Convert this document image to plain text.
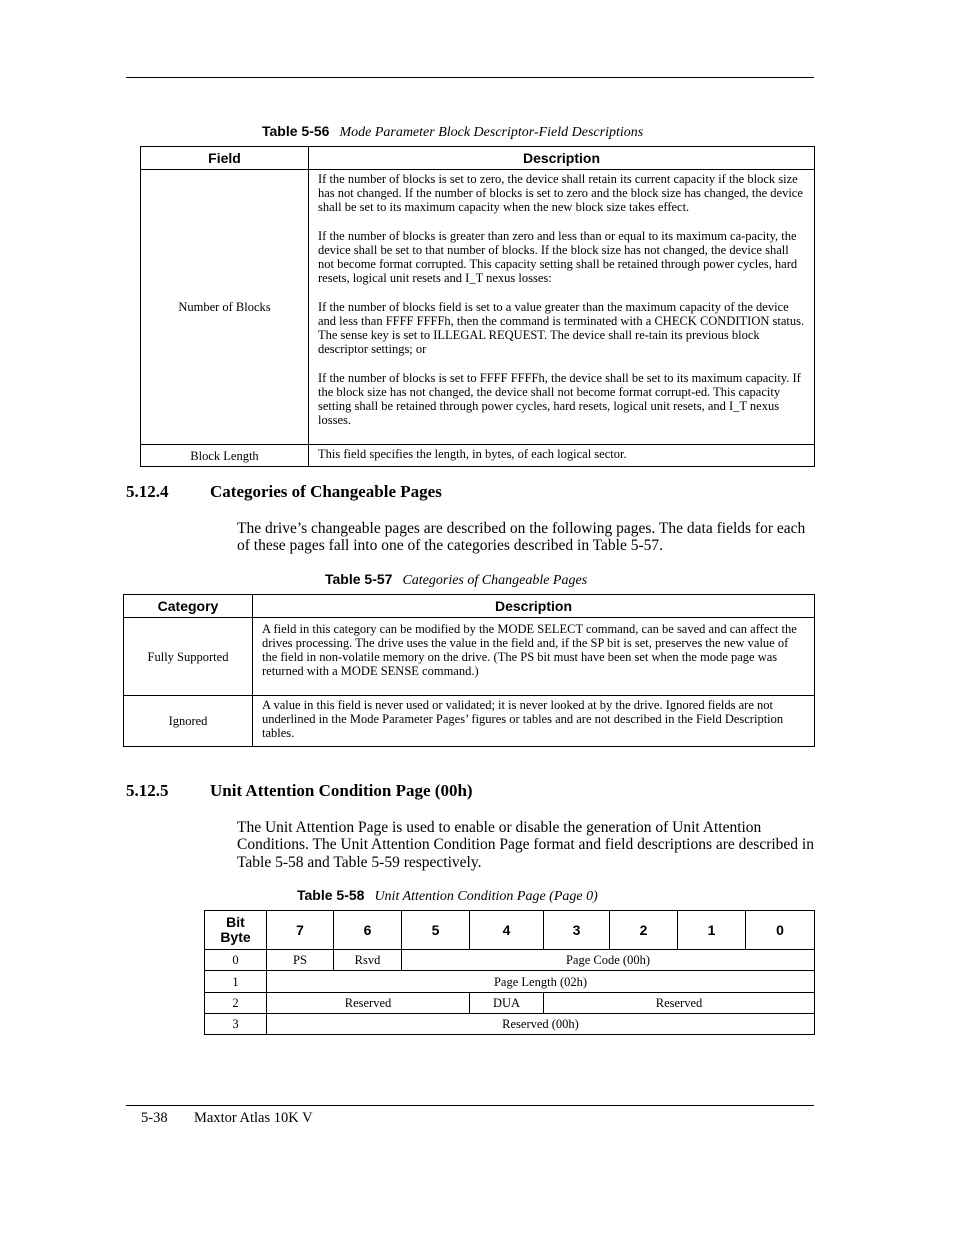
Table 5-56 Mode Parameter Block Descriptor-Field Descriptions
Field	Description
Number of Blocks	If the number of blocks is set to zero, the device shall retain its current capacity if the block size has not changed. If the number of blocks is set to zero and the block size has changed, the device shall be set to its maximum capacity when the new block size takes effect.

If the number of blocks is greater than zero and less than or equal to its maximum ca-pacity, the device shall be set to that number of blocks. If the block size has not changed, the device shall not become format corrupted. This capacity setting shall be retained through power cycles, hard resets, logical unit resets and I_T nexus losses:

If the number of blocks field is set to a value greater than the maximum capacity of the device and less than FFFF FFFFh, then the command is terminated with a CHECK CONDITION status. The sense key is set to ILLEGAL REQUEST. The device shall re-tain its previous block descriptor settings; or

If the number of blocks is set to FFFF FFFFh, the device shall be set to its maximum capacity. If the block size has not changed, the device shall not become format corrupt-ed. This capacity setting shall be retained through power cycles, hard resets, logical unit resets, and I_T nexus losses.

Block Length	This field specifies the length, in bytes, of each logical sector.
5.12.4 Categories of Changeable Pages
The drive’s changeable pages are described on the following pages. The data fields for each of these pages fall into one of the categories described in Table 5-57.
Table 5-57 Categories of Changeable Pages
Category	Description
Fully Supported	A field in this category can be modified by the MODE SELECT command, can be saved and can affect the drives processing. The drive uses the value in the field and, if the SP bit is set, preserves the new value of the field in non-volatile memory on the drive. (The PS bit must have been set when the mode page was returned with a MODE SENSE command.)
Ignored	A value in this field is never used or validated; it is never looked at by the drive. Ignored fields are not underlined in the Mode Parameter Pages’ figures or tables and are not described in the Field Description tables.
5.12.5 Unit Attention Condition Page (00h)
The Unit Attention Page is used to enable or disable the generation of Unit Attention Conditions. The Unit Attention Condition Page format and field descriptions are described in Table 5-58 and Table 5-59 respectively.
Table 5-58 Unit Attention Condition Page (Page 0)
Bit
Byte	7	6	5	4	3	2	1	0
0	PS	Rsvd	Page Code (00h)					
1	Page Length (02h)							
2	Reserved			DUA	Reserved			
3	Reserved (00h)							
5-38 Maxtor Atlas 10K V
